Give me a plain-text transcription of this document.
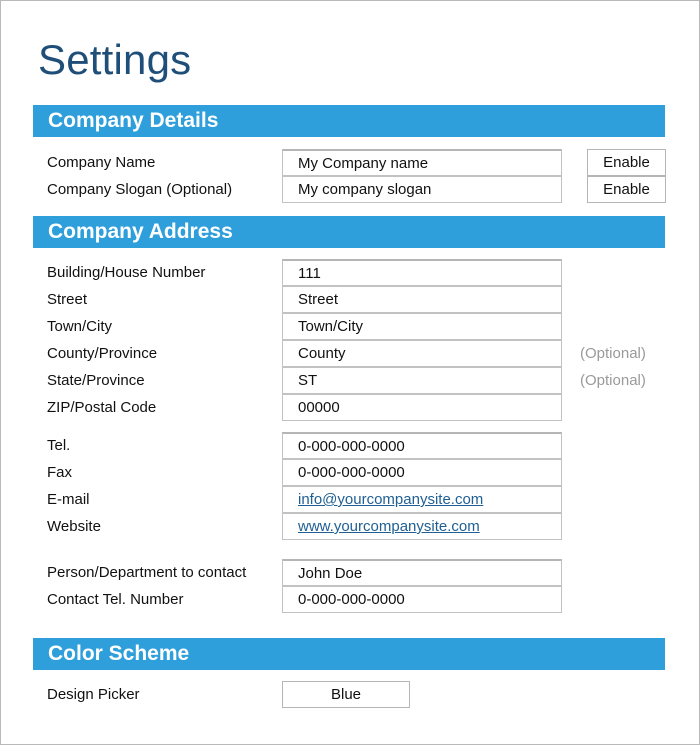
Settings
Company Details
Company Name	My Company name	Enable
Company Slogan (Optional)	My company slogan	Enable
Company Address
Building/House Number	111
Street	Street
Town/City	Town/City
County/Province	County	(Optional)
State/Province	ST	(Optional)
ZIP/Postal Code	00000
Tel.	0-000-000-0000
Fax	0-000-000-0000
E-mail	info@yourcompanysite.com
Website	www.yourcompanysite.com
Person/Department to contact	John Doe
Contact Tel. Number	0-000-000-0000
Color Scheme
Design Picker	Blue
